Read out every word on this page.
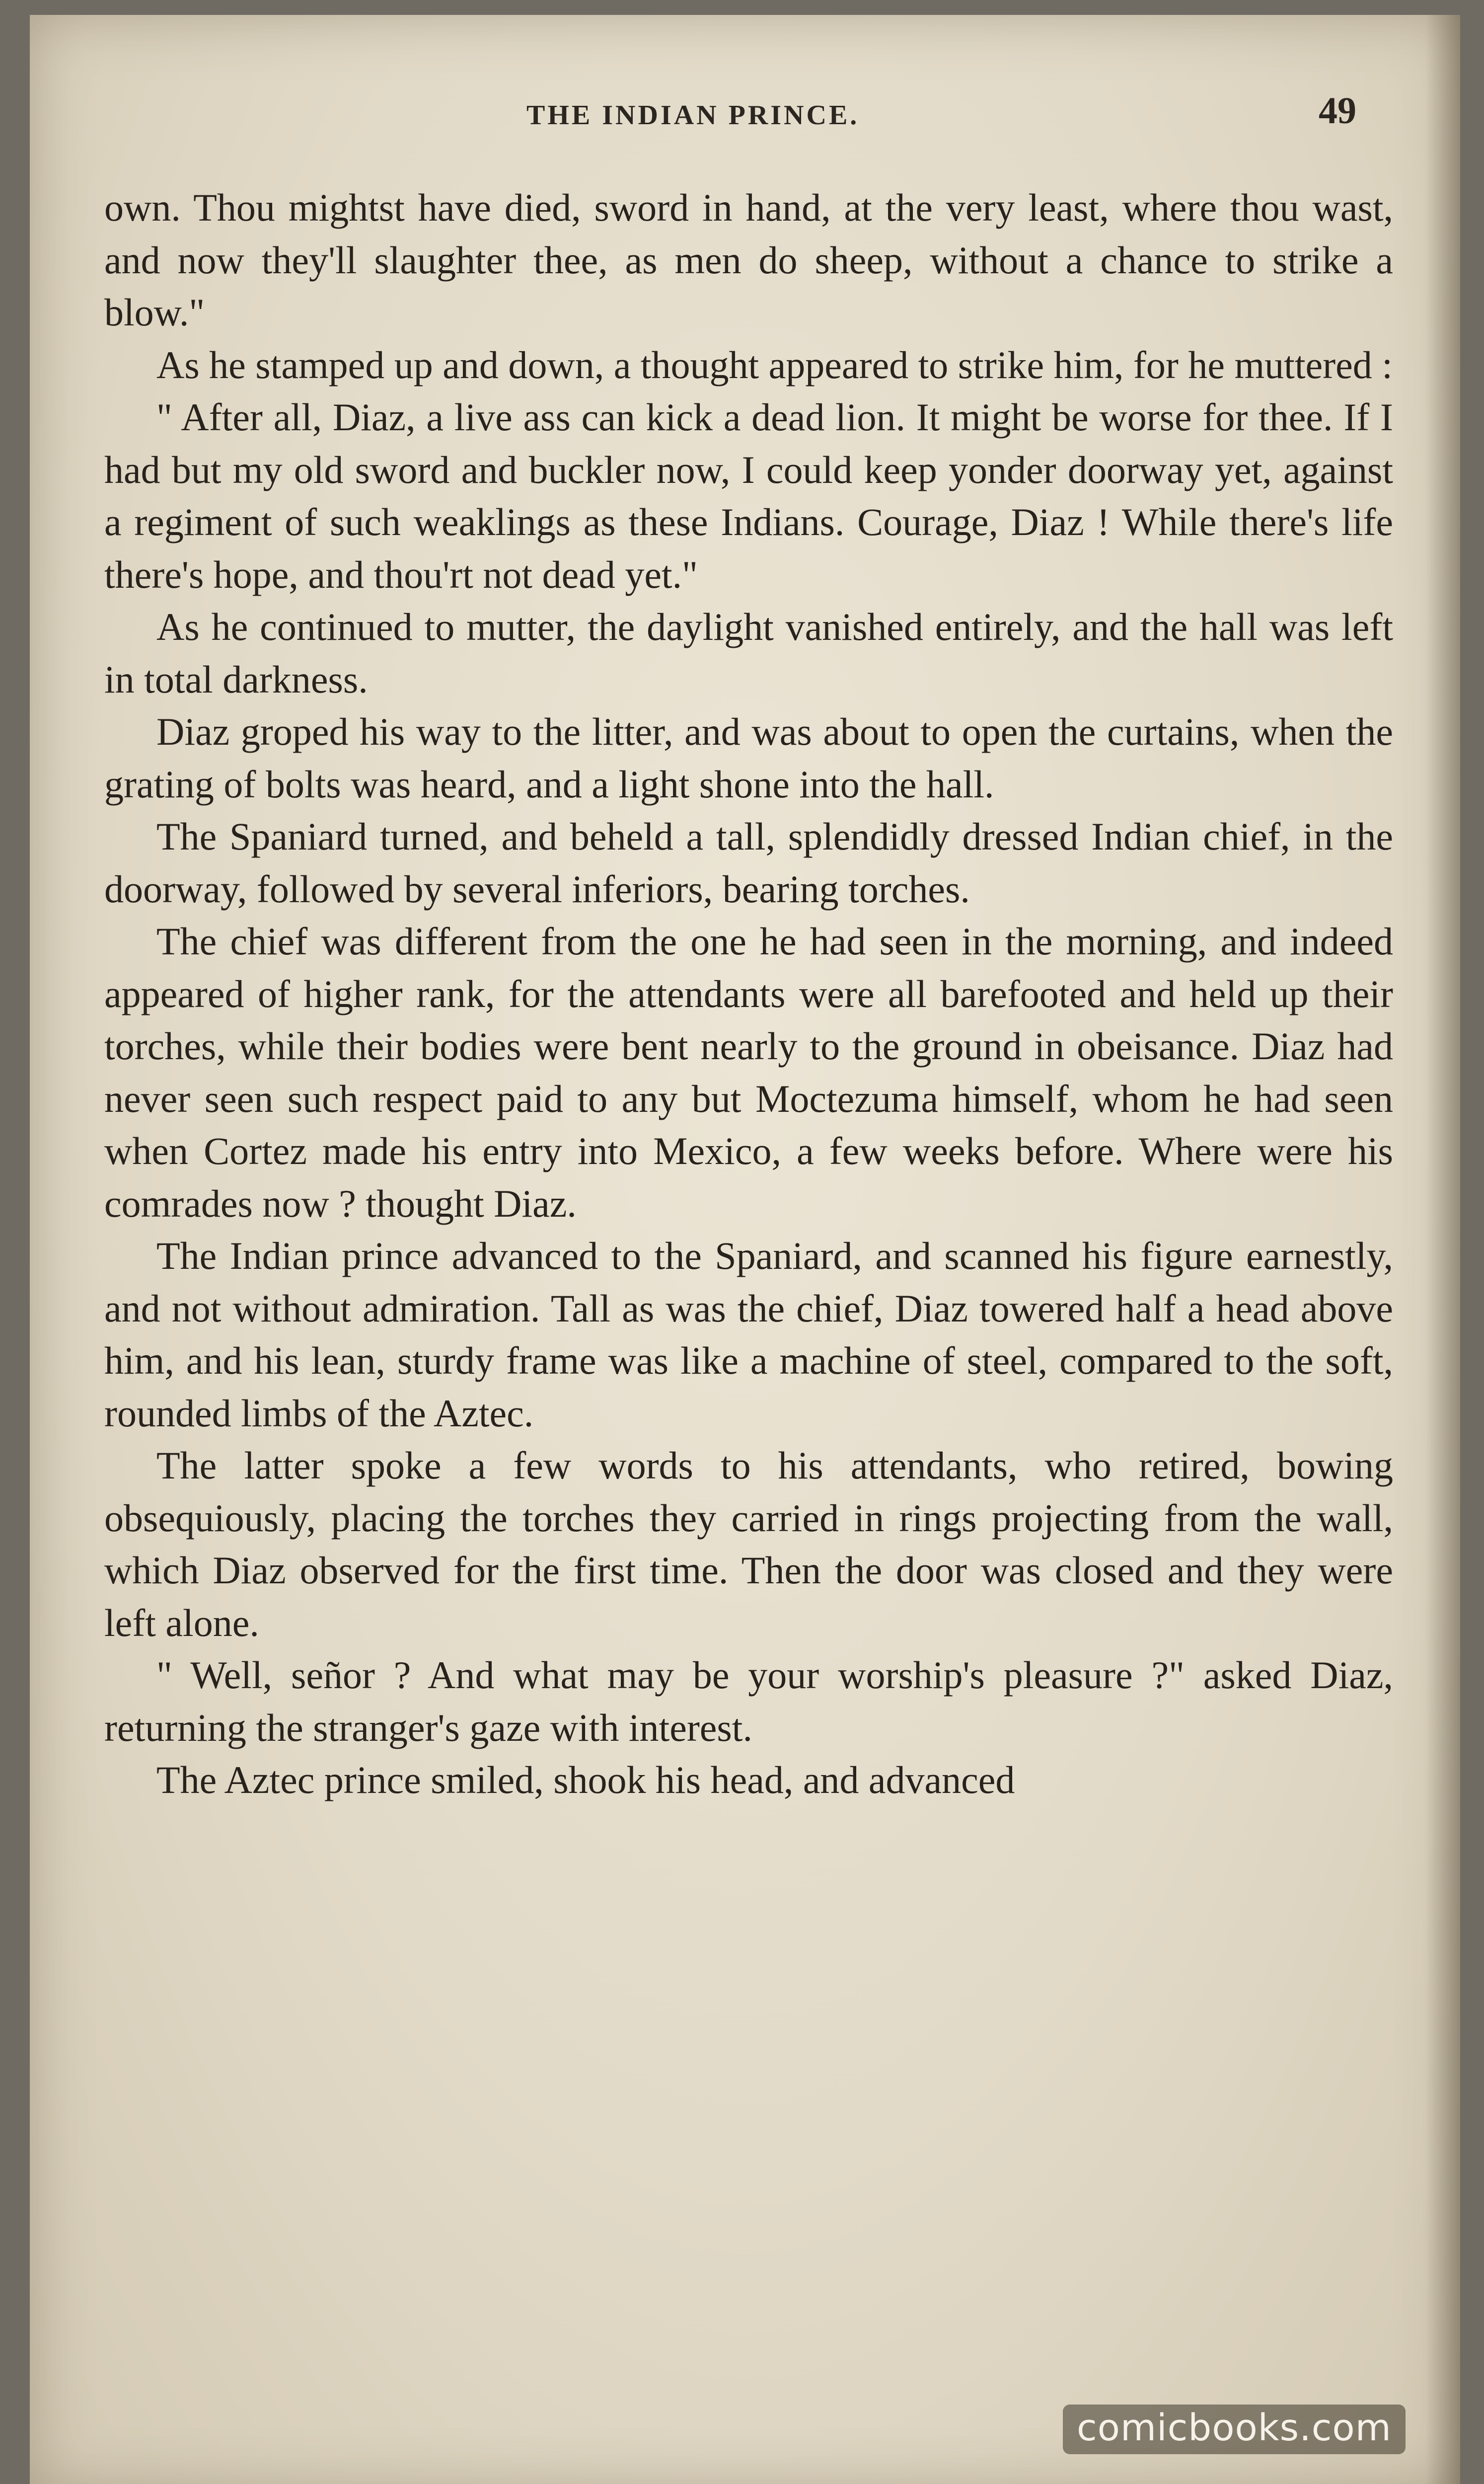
THE INDIAN PRINCE.	49

own. Thou mightst have died, sword in hand, at the very least, where thou wast, and now they'll slaughter thee, as men do sheep, without a chance to strike a blow."

As he stamped up and down, a thought appeared to strike him, for he muttered :

" After all, Diaz, a live ass can kick a dead lion. It might be worse for thee. If I had but my old sword and buckler now, I could keep yonder doorway yet, against a regiment of such weaklings as these Indians. Courage, Diaz ! While there's life there's hope, and thou'rt not dead yet."

As he continued to mutter, the daylight vanished entirely, and the hall was left in total darkness.

Diaz groped his way to the litter, and was about to open the curtains, when the grating of bolts was heard, and a light shone into the hall.

The Spaniard turned, and beheld a tall, splendidly dressed Indian chief, in the doorway, followed by several inferiors, bearing torches.

The chief was different from the one he had seen in the morning, and indeed appeared of higher rank, for the attendants were all barefooted and held up their torches, while their bodies were bent nearly to the ground in obeisance. Diaz had never seen such respect paid to any but Moctezuma himself, whom he had seen when Cortez made his entry into Mexico, a few weeks before. Where were his comrades now ? thought Diaz.

The Indian prince advanced to the Spaniard, and scanned his figure earnestly, and not without admiration. Tall as was the chief, Diaz towered half a head above him, and his lean, sturdy frame was like a machine of steel, compared to the soft, rounded limbs of the Aztec.

The latter spoke a few words to his attendants, who retired, bowing obsequiously, placing the torches they carried in rings projecting from the wall, which Diaz observed for the first time. Then the door was closed and they were left alone.

" Well, señor ? And what may be your worship's pleasure ?" asked Diaz, returning the stranger's gaze with interest.

The Aztec prince smiled, shook his head, and advanced

comicbooks.com
